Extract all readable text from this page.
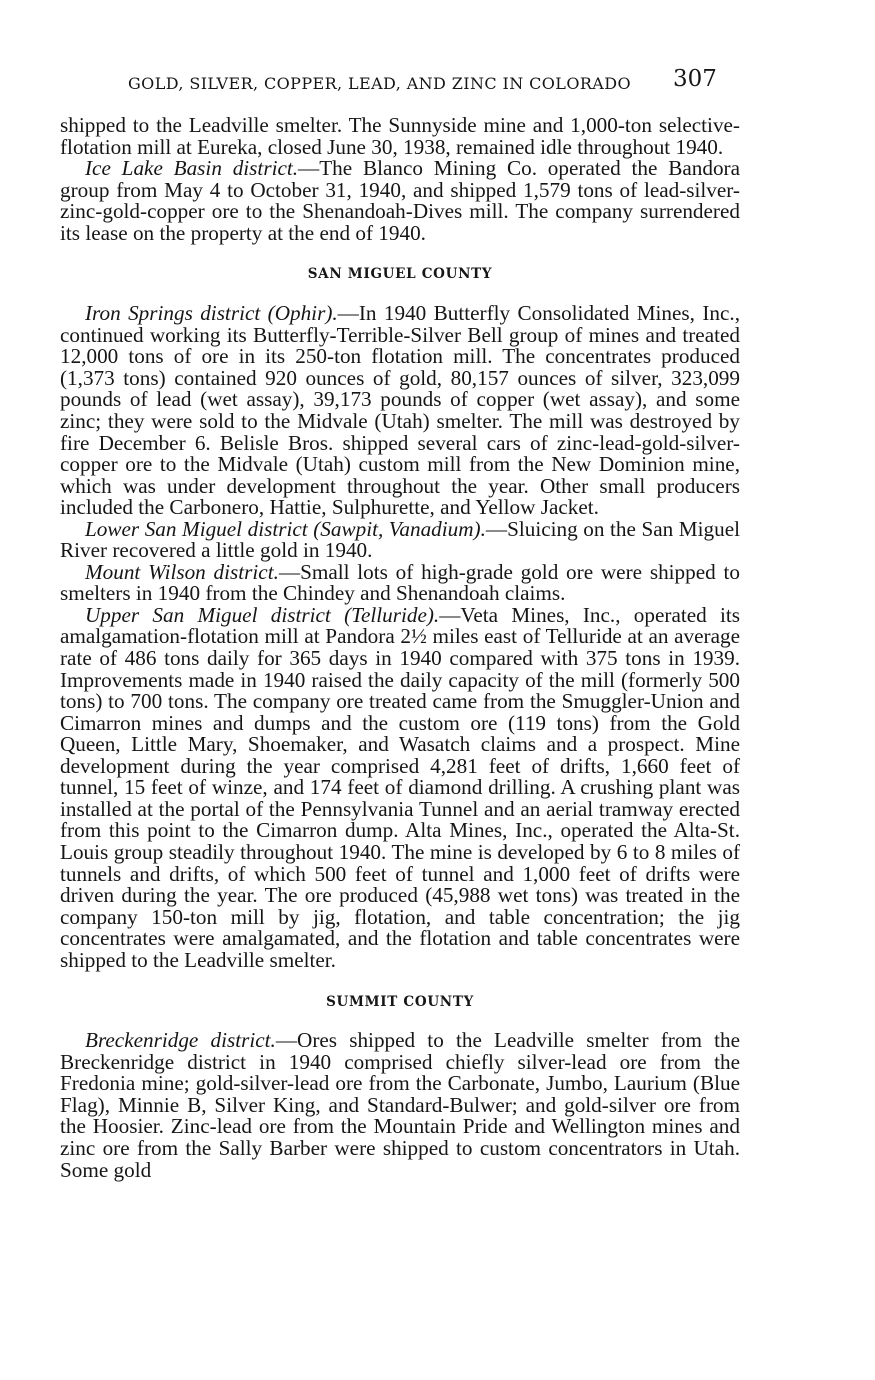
GOLD, SILVER, COPPER, LEAD, AND ZINC IN COLORADO 307

shipped to the Leadville smelter. The Sunnyside mine and 1,000-ton selective-flotation mill at Eureka, closed June 30, 1938, remained idle throughout 1940.

Ice Lake Basin district.—The Blanco Mining Co. operated the Bandora group from May 4 to October 31, 1940, and shipped 1,579 tons of lead-silver-zinc-gold-copper ore to the Shenandoah-Dives mill. The company surrendered its lease on the property at the end of 1940.

SAN MIGUEL COUNTY

Iron Springs district (Ophir).—In 1940 Butterfly Consolidated Mines, Inc., continued working its Butterfly-Terrible-Silver Bell group of mines and treated 12,000 tons of ore in its 250-ton flotation mill. The concentrates produced (1,373 tons) contained 920 ounces of gold, 80,157 ounces of silver, 323,099 pounds of lead (wet assay), 39,173 pounds of copper (wet assay), and some zinc; they were sold to the Midvale (Utah) smelter. The mill was destroyed by fire December 6. Belisle Bros. shipped several cars of zinc-lead-gold-silver-copper ore to the Midvale (Utah) custom mill from the New Dominion mine, which was under development throughout the year. Other small producers included the Carbonero, Hattie, Sulphurette, and Yellow Jacket.

Lower San Miguel district (Sawpit, Vanadium).—Sluicing on the San Miguel River recovered a little gold in 1940.

Mount Wilson district.—Small lots of high-grade gold ore were shipped to smelters in 1940 from the Chindey and Shenandoah claims.

Upper San Miguel district (Telluride).—Veta Mines, Inc., operated its amalgamation-flotation mill at Pandora 2½ miles east of Telluride at an average rate of 486 tons daily for 365 days in 1940 compared with 375 tons in 1939. Improvements made in 1940 raised the daily capacity of the mill (formerly 500 tons) to 700 tons. The company ore treated came from the Smuggler-Union and Cimarron mines and dumps and the custom ore (119 tons) from the Gold Queen, Little Mary, Shoemaker, and Wasatch claims and a prospect. Mine development during the year comprised 4,281 feet of drifts, 1,660 feet of tunnel, 15 feet of winze, and 174 feet of diamond drilling. A crushing plant was installed at the portal of the Pennsylvania Tunnel and an aerial tramway erected from this point to the Cimarron dump. Alta Mines, Inc., operated the Alta-St. Louis group steadily throughout 1940. The mine is developed by 6 to 8 miles of tunnels and drifts, of which 500 feet of tunnel and 1,000 feet of drifts were driven during the year. The ore produced (45,988 wet tons) was treated in the company 150-ton mill by jig, flotation, and table concentration; the jig concentrates were amalgamated, and the flotation and table concentrates were shipped to the Leadville smelter.

SUMMIT COUNTY

Breckenridge district.—Ores shipped to the Leadville smelter from the Breckenridge district in 1940 comprised chiefly silver-lead ore from the Fredonia mine; gold-silver-lead ore from the Carbonate, Jumbo, Laurium (Blue Flag), Minnie B, Silver King, and Standard-Bulwer; and gold-silver ore from the Hoosier. Zinc-lead ore from the Mountain Pride and Wellington mines and zinc ore from the Sally Barber were shipped to custom concentrators in Utah. Some gold
